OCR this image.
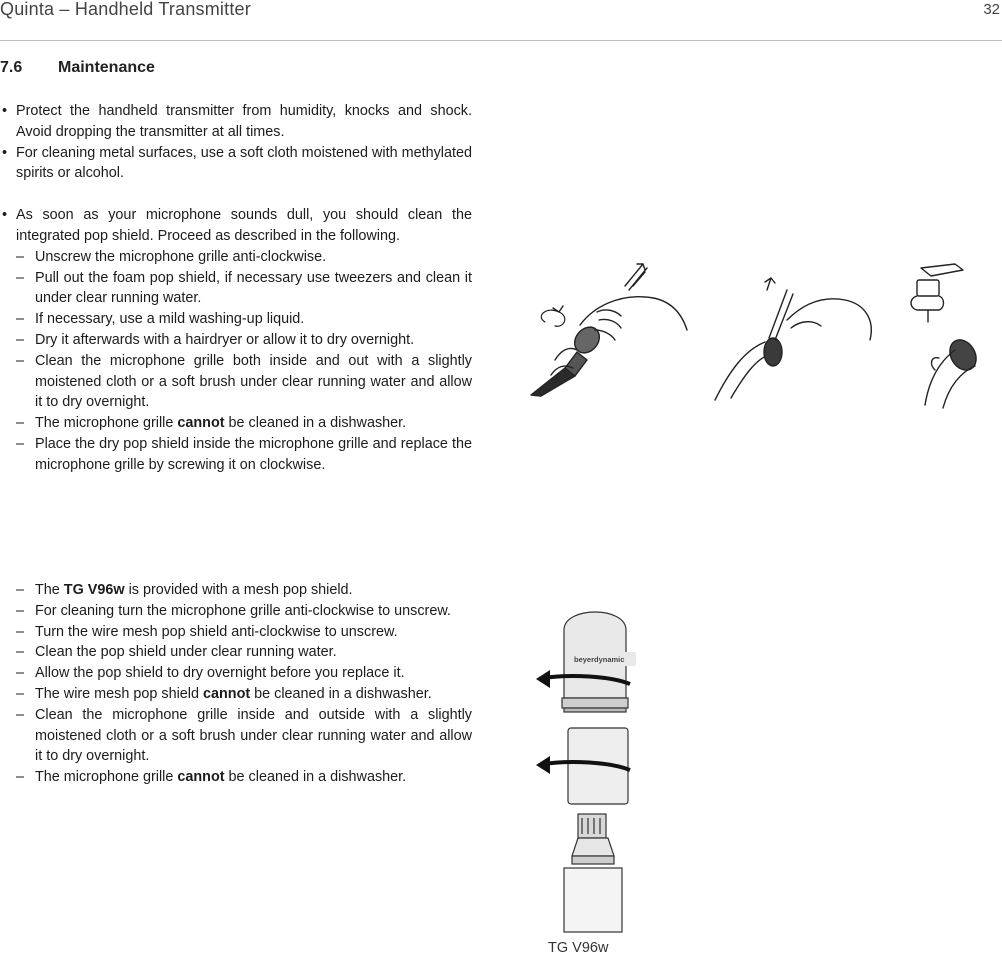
Quinta – Handheld Transmitter	32
7.6 Maintenance

• Protect the handheld transmitter from humidity, knocks and shock. Avoid dropping the transmitter at all times.

• For cleaning metal surfaces, use a soft cloth moistened with methylated spirits or alcohol.

• As soon as your microphone sounds dull, you should clean the integrated pop shield. Proceed as described in the following.

– Unscrew the microphone grille anti-clockwise.

– Pull out the foam pop shield, if necessary use tweezers and clean it under clear running water.

– If necessary, use a mild washing-up liquid.

– Dry it afterwards with a hairdryer or allow it to dry overnight.

– Clean the microphone grille both inside and out with a slightly moistened cloth or a soft brush under clear running water and allow it to dry overnight.

– The microphone grille cannot be cleaned in a dishwasher.

– Place the dry pop shield inside the microphone grille and replace the microphone grille by screwing it on clockwise.

– The TG V96w is provided with a mesh pop shield.

– For cleaning turn the microphone grille anti-clockwise to unscrew.

– Turn the wire mesh pop shield anti-clockwise to unscrew.

– Clean the pop shield under clear running water.

– Allow the pop shield to dry overnight before you replace it.

– The wire mesh pop shield cannot be cleaned in a dishwasher.

– Clean the microphone grille inside and outside with a slightly moistened cloth or a soft brush under clear running water and allow it to dry overnight.

– The microphone grille cannot be cleaned in a dishwasher.

beyerdynamic
TG V96w
